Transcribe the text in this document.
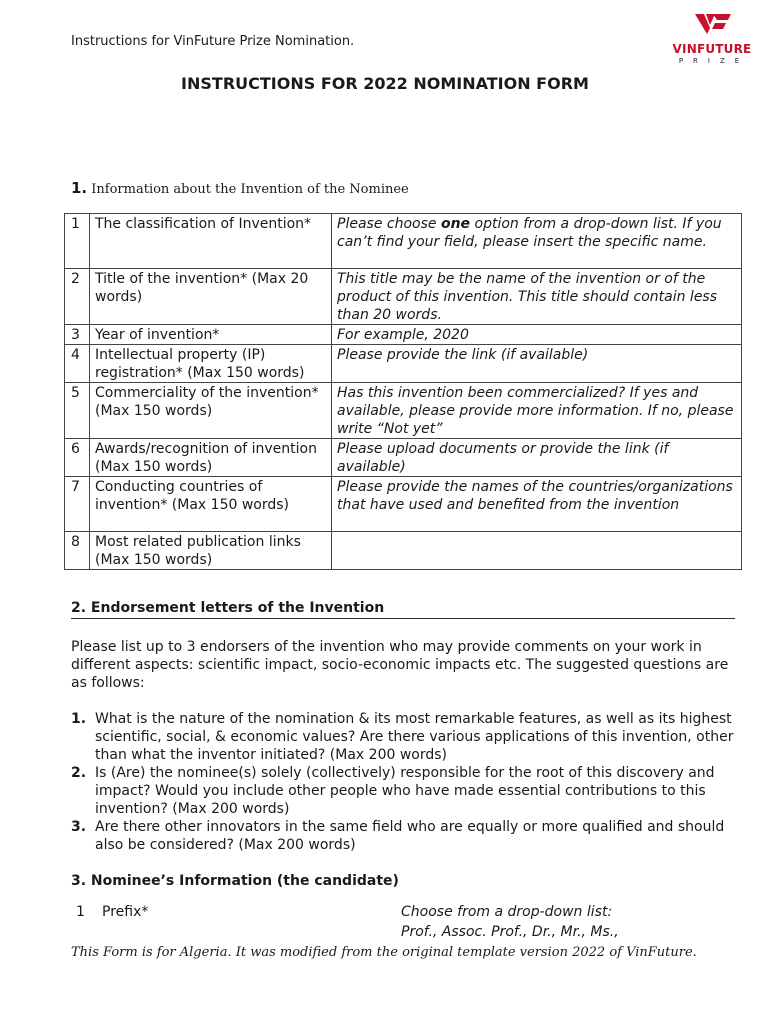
Instructions for VinFuture Prize Nomination.	VINFUTURE
PRIZE
INSTRUCTIONS FOR 2022 NOMINATION FORM
1. Information about the Invention of the Nominee
1	The classification of Invention*	Please choose one option from a drop-down list. If you can’t find your field, please insert the specific name.
2	Title of the invention* (Max 20 words)	This title may be the name of the invention or of the product of this invention. This title should contain less than 20 words.
3	Year of invention*	For example, 2020
4	Intellectual property (IP) registration* (Max 150 words)	Please provide the link (if available)
5	Commerciality of the invention* (Max 150 words)	Has this invention been commercialized? If yes and available, please provide more information. If no, please write “Not yet”
6	Awards/recognition of invention (Max 150 words)	Please upload documents or provide the link (if available)
7	Conducting countries of invention* (Max 150 words)	Please provide the names of the countries/organizations that have used and benefited from the invention
8	Most related publication links (Max 150 words)	
2. Endorsement letters of the Invention
Please list up to 3 endorsers of the invention who may provide comments on your work in different aspects: scientific impact, socio-economic impacts etc. The suggested questions are as follows:
1. What is the nature of the nomination & its most remarkable features, as well as its highest scientific, social, & economic values? Are there various applications of this invention, other than what the inventor initiated? (Max 200 words)
2. Is (Are) the nominee(s) solely (collectively) responsible for the root of this discovery and impact? Would you include other people who have made essential contributions to this invention? (Max 200 words)
3. Are there other innovators in the same field who are equally or more qualified and should also be considered? (Max 200 words)
3. Nominee’s Information (the candidate)
1 Prefix*	Choose from a drop-down list:
Prof., Assoc. Prof., Dr., Mr., Ms.,
This Form is for Algeria. It was modified from the original template version 2022 of VinFuture.
